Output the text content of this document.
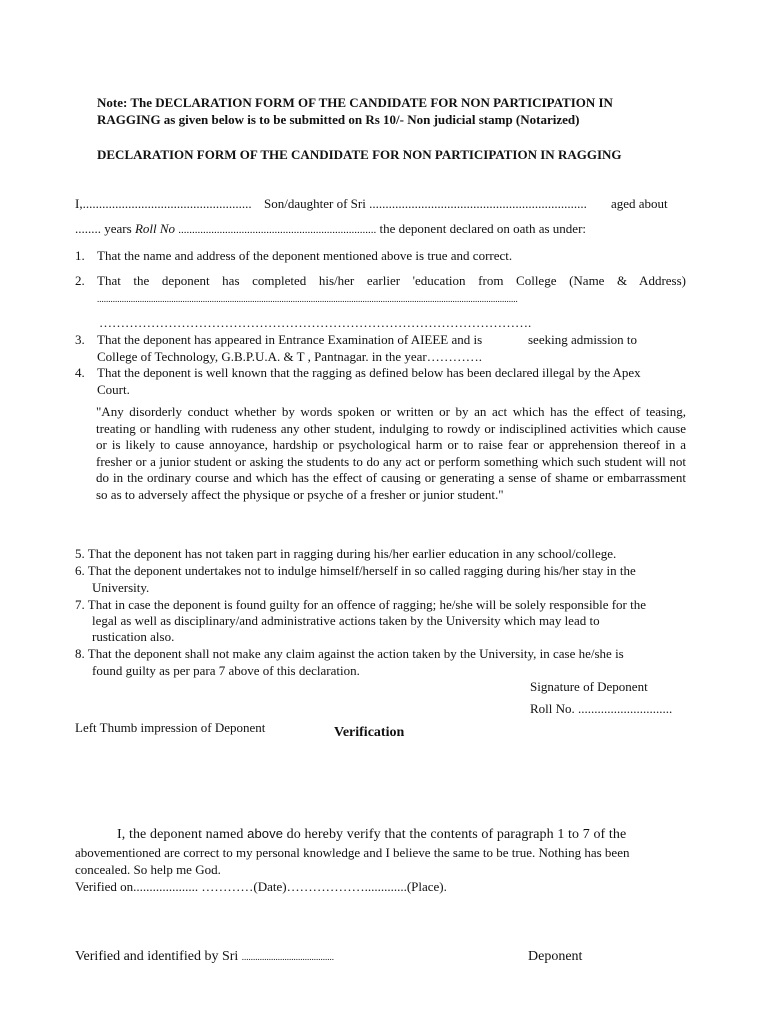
Note: The DECLARATION FORM OF THE CANDIDATE FOR NON PARTICIPATION IN
RAGGING as given below is to be submitted on Rs 10/- Non judicial stamp (Notarized)
DECLARATION FORM OF THE CANDIDATE FOR NON PARTICIPATION IN RAGGING
I,.................................................... Son/daughter of Sri ................................................................... aged about
........ years Roll No ........................................................................ the deponent declared on oath as under:
1. That the name and address of the deponent mentioned above is true and correct.
2. That the deponent has completed his/her earlier 'education from College (Name & Address)
...........................................................................................................................................................................................
……………………………………………………………………………………….
3. That the deponent has appeared in Entrance Examination of AIEEE and is	seeking admission to
College of Technology, G.B.P.U.A. & T , Pantnagar. in the year………….
4. That the deponent is well known that the ragging as defined below has been declared illegal by the Apex
Court.
"Any disorderly conduct whether by words spoken or written or by an act which has the effect of teasing, treating or handling with rudeness any other student, indulging to rowdy or indisciplined activities which cause or is likely to cause annoyance, hardship or psychological harm or to raise fear or apprehension thereof in a fresher or a junior student or asking the students to do any act or perform something which such student will not do in the ordinary course and which has the effect of causing or generating a sense of shame or embarrassment so as to adversely affect the physique or psyche of a fresher or junior student."
5. That the deponent has not taken part in ragging during his/her earlier education in any school/college.
6. That the deponent undertakes not to indulge himself/herself in so called ragging during his/her stay in the
University.
7. That in case the deponent is found guilty for an offence of ragging; he/she will be solely responsible for the
legal as well as disciplinary/and administrative actions taken by the University which may lead to
rustication also.
8. That the deponent shall not make any claim against the action taken by the University, in case he/she is
found guilty as per para 7 above of this declaration.
Signature of Deponent
Roll No. .............................
Left Thumb impression of Deponent	Verification
I, the deponent named above do hereby verify that the contents of paragraph 1 to 7 of the
abovementioned are correct to my personal knowledge and I believe the same to be true. Nothing has been
concealed. So help me God.
Verified on.................... …………(Date)……………….............(Place).
Verified and identified by Sri .........................................	Deponent
